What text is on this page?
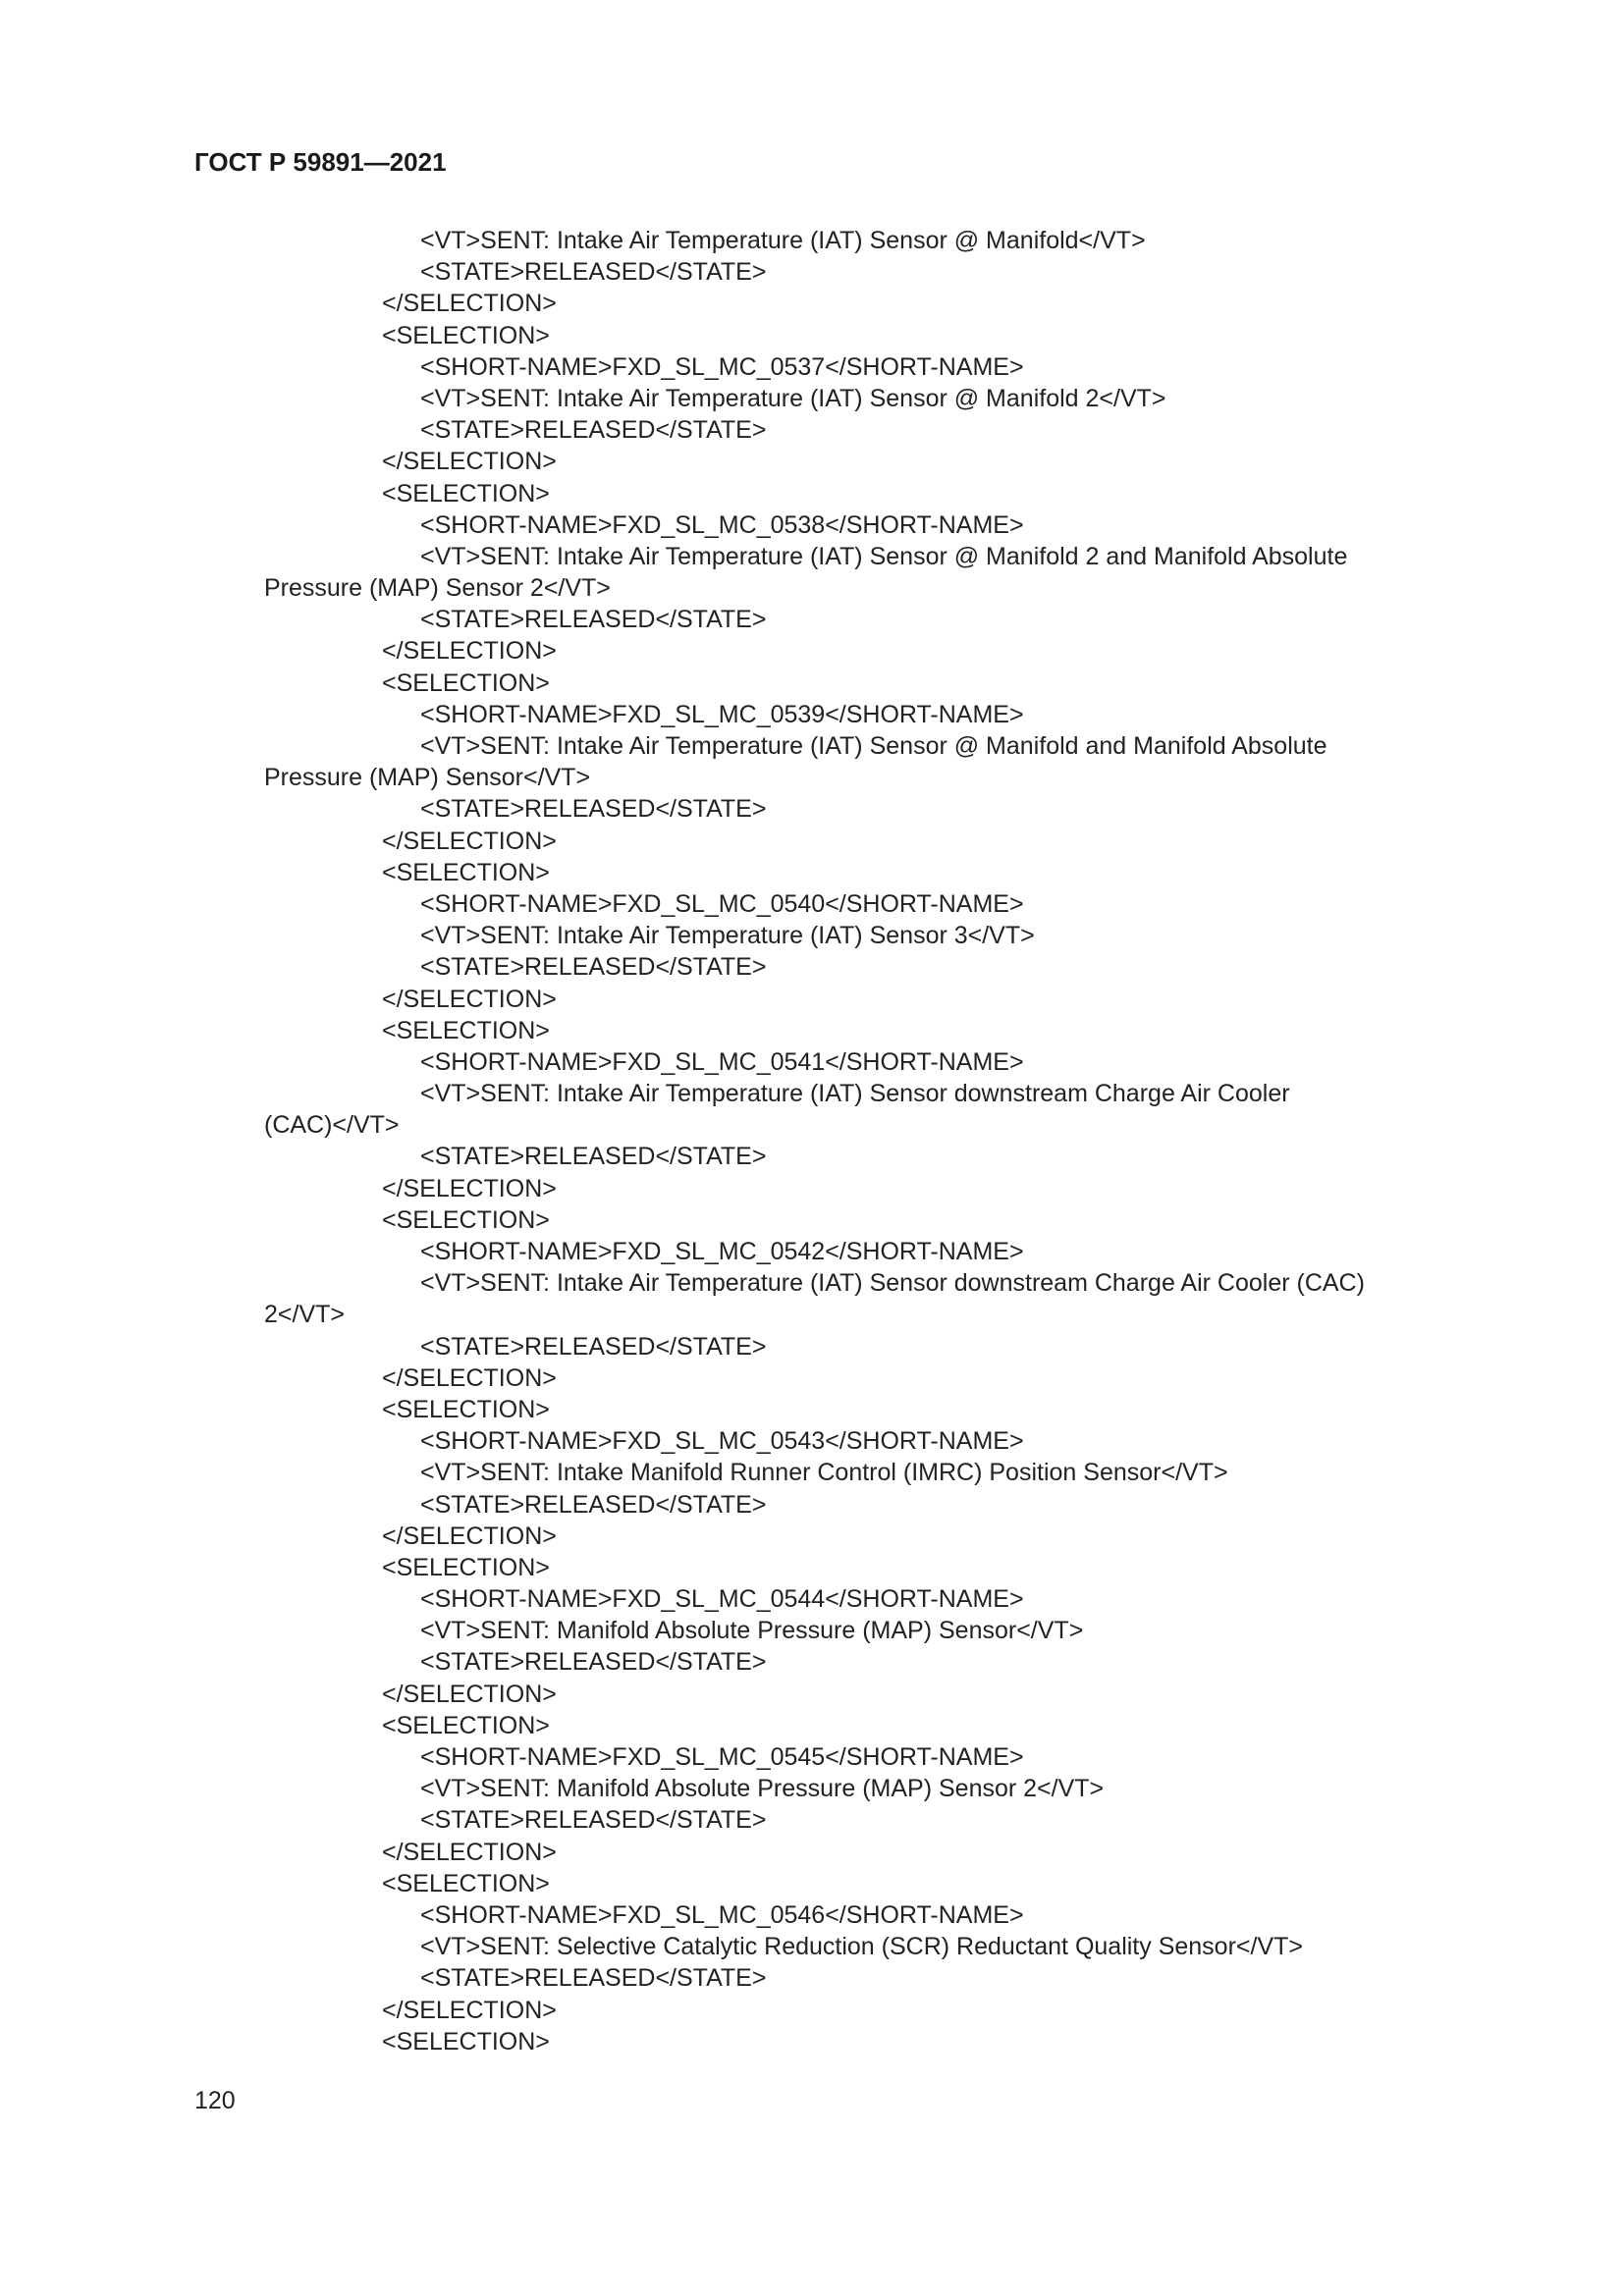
ГОСТ Р 59891—2021
<VT>SENT: Intake Air Temperature (IAT) Sensor @ Manifold</VT>
<STATE>RELEASED</STATE>
</SELECTION>
<SELECTION>
<SHORT-NAME>FXD_SL_MC_0537</SHORT-NAME>
<VT>SENT: Intake Air Temperature (IAT) Sensor @ Manifold 2</VT>
<STATE>RELEASED</STATE>
</SELECTION>
<SELECTION>
<SHORT-NAME>FXD_SL_MC_0538</SHORT-NAME>
<VT>SENT: Intake Air Temperature (IAT) Sensor @ Manifold 2 and Manifold Absolute
Pressure (MAP) Sensor 2</VT>
<STATE>RELEASED</STATE>
</SELECTION>
<SELECTION>
<SHORT-NAME>FXD_SL_MC_0539</SHORT-NAME>
<VT>SENT: Intake Air Temperature (IAT) Sensor @ Manifold and Manifold Absolute
Pressure (MAP) Sensor</VT>
<STATE>RELEASED</STATE>
</SELECTION>
<SELECTION>
<SHORT-NAME>FXD_SL_MC_0540</SHORT-NAME>
<VT>SENT: Intake Air Temperature (IAT) Sensor 3</VT>
<STATE>RELEASED</STATE>
</SELECTION>
<SELECTION>
<SHORT-NAME>FXD_SL_MC_0541</SHORT-NAME>
<VT>SENT: Intake Air Temperature (IAT) Sensor downstream Charge Air Cooler
(CAC)</VT>
<STATE>RELEASED</STATE>
</SELECTION>
<SELECTION>
<SHORT-NAME>FXD_SL_MC_0542</SHORT-NAME>
<VT>SENT: Intake Air Temperature (IAT) Sensor downstream Charge Air Cooler (CAC)
2</VT>
<STATE>RELEASED</STATE>
</SELECTION>
<SELECTION>
<SHORT-NAME>FXD_SL_MC_0543</SHORT-NAME>
<VT>SENT: Intake Manifold Runner Control (IMRC) Position Sensor</VT>
<STATE>RELEASED</STATE>
</SELECTION>
<SELECTION>
<SHORT-NAME>FXD_SL_MC_0544</SHORT-NAME>
<VT>SENT: Manifold Absolute Pressure (MAP) Sensor</VT>
<STATE>RELEASED</STATE>
</SELECTION>
<SELECTION>
<SHORT-NAME>FXD_SL_MC_0545</SHORT-NAME>
<VT>SENT: Manifold Absolute Pressure (MAP) Sensor 2</VT>
<STATE>RELEASED</STATE>
</SELECTION>
<SELECTION>
<SHORT-NAME>FXD_SL_MC_0546</SHORT-NAME>
<VT>SENT: Selective Catalytic Reduction (SCR) Reductant Quality Sensor</VT>
<STATE>RELEASED</STATE>
</SELECTION>
<SELECTION>
120
